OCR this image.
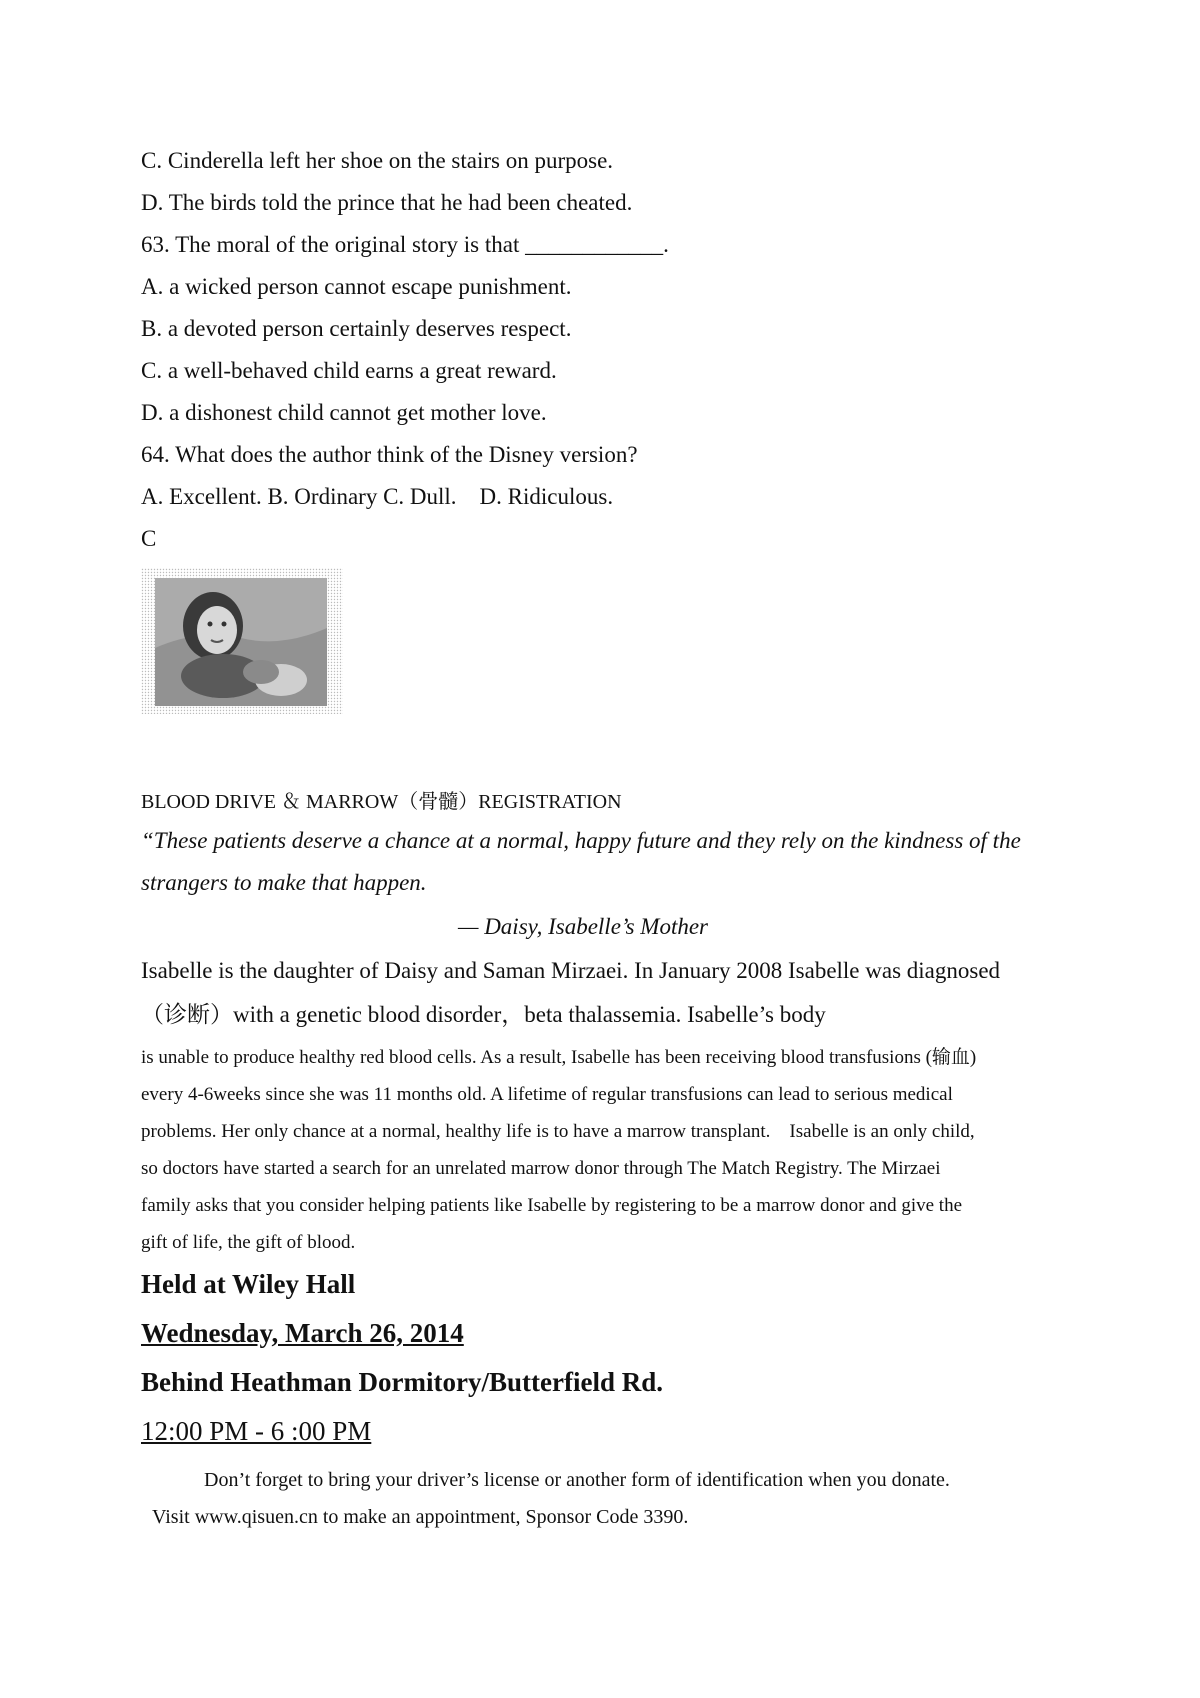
C. Cinderella left her shoe on the stairs on purpose.
D. The birds told the prince that he had been cheated.
63. The moral of the original story is that ____________.
A. a wicked person cannot escape punishment.
B. a devoted person certainly deserves respect.
C. a well-behaved child earns a great reward.
D. a dishonest child cannot get mother love.
64. What does the author think of the Disney version?
A. Excellent. B. Ordinary C. Dull.    D. Ridiculous.
C
BLOOD DRIVE ＆ MARROW（骨髓）REGISTRATION
“These patients deserve a chance at a normal, happy future and they rely on the kindness of the
strangers to make that happen.
— Daisy, Isabelle’s Mother
Isabelle is the daughter of Daisy and Saman Mirzaei. In January 2008 Isabelle was diagnosed
（诊断）with a genetic blood disorder，beta thalassemia. Isabelle’s body
is unable to produce healthy red blood cells. As a result, Isabelle has been receiving blood transfusions (输血)
every 4-6weeks since she was 11 months old. A lifetime of regular transfusions can lead to serious medical
problems. Her only chance at a normal, healthy life is to have a marrow transplant.    Isabelle is an only child,
so doctors have started a search for an unrelated marrow donor through The Match Registry. The Mirzaei
family asks that you consider helping patients like Isabelle by registering to be a marrow donor and give the
gift of life, the gift of blood.
Held at Wiley Hall
Wednesday, March 26, 2014
Behind Heathman Dormitory/Butterfield Rd.
12:00 PM - 6 :00 PM
Don’t forget to bring your driver’s license or another form of identification when you donate.
Visit www.qisuen.cn to make an appointment, Sponsor Code 3390.
